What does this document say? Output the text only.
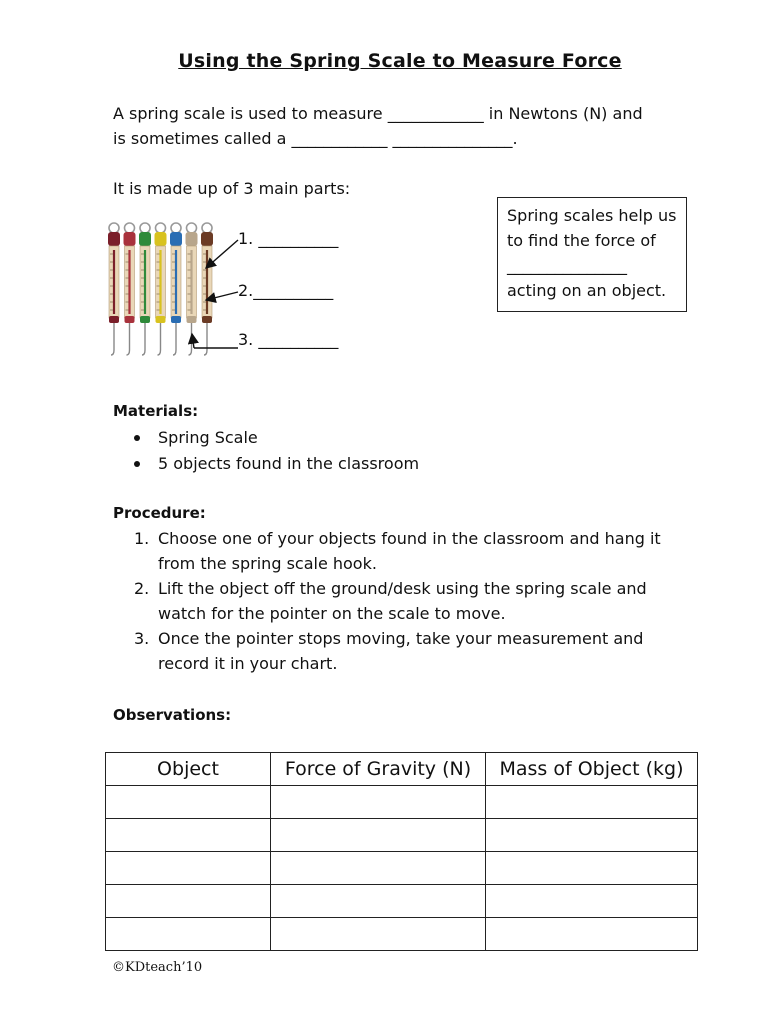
Using the Spring Scale to Measure Force
A spring scale is used to measure ____________ in Newtons (N) and
is sometimes called a ____________ _______________.
It is made up of 3 main parts:
1. __________
2.__________
3. __________
Spring scales help us
to find the force of
_______________
acting on an object.
Materials:
Spring Scale
5 objects found in the classroom
Procedure:
1. Choose one of your objects found in the classroom and hang it from the spring scale hook.
2. Lift the object off the ground/desk using the spring scale and watch for the pointer on the scale to move.
3. Once the pointer stops moving, take your measurement and record it in your chart.
Observations:
Object	Force of Gravity (N)	Mass of Object (kg)

©KDteach’10
